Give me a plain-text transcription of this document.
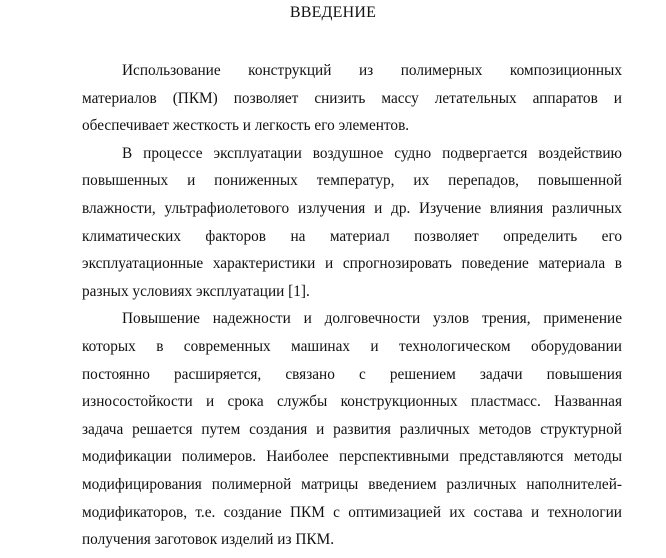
ВВЕДЕНИЕ
Использование конструкций из полимерных композиционных
материалов (ПКМ) позволяет снизить массу летательных аппаратов и
обеспечивает жесткость и легкость его элементов.
В процессе эксплуатации воздушное судно подвергается воздействию
повышенных и пониженных температур, их перепадов, повышенной
влажности, ультрафиолетового излучения и др. Изучение влияния различных
климатических факторов на материал позволяет определить его
эксплуатационные характеристики и спрогнозировать поведение материала в
разных условиях эксплуатации [1].
Повышение надежности и долговечности узлов трения, применение
которых в современных машинах и технологическом оборудовании
постоянно расширяется, связано с решением задачи повышения
износостойкости и срока службы конструкционных пластмасс. Названная
задача решается путем создания и развития различных методов структурной
модификации полимеров. Наиболее перспективными представляются методы
модифицирования полимерной матрицы введением различных наполнителей-
модификаторов, т.е. создание ПКМ с оптимизацией их состава и технологии
получения заготовок изделий из ПКМ.
